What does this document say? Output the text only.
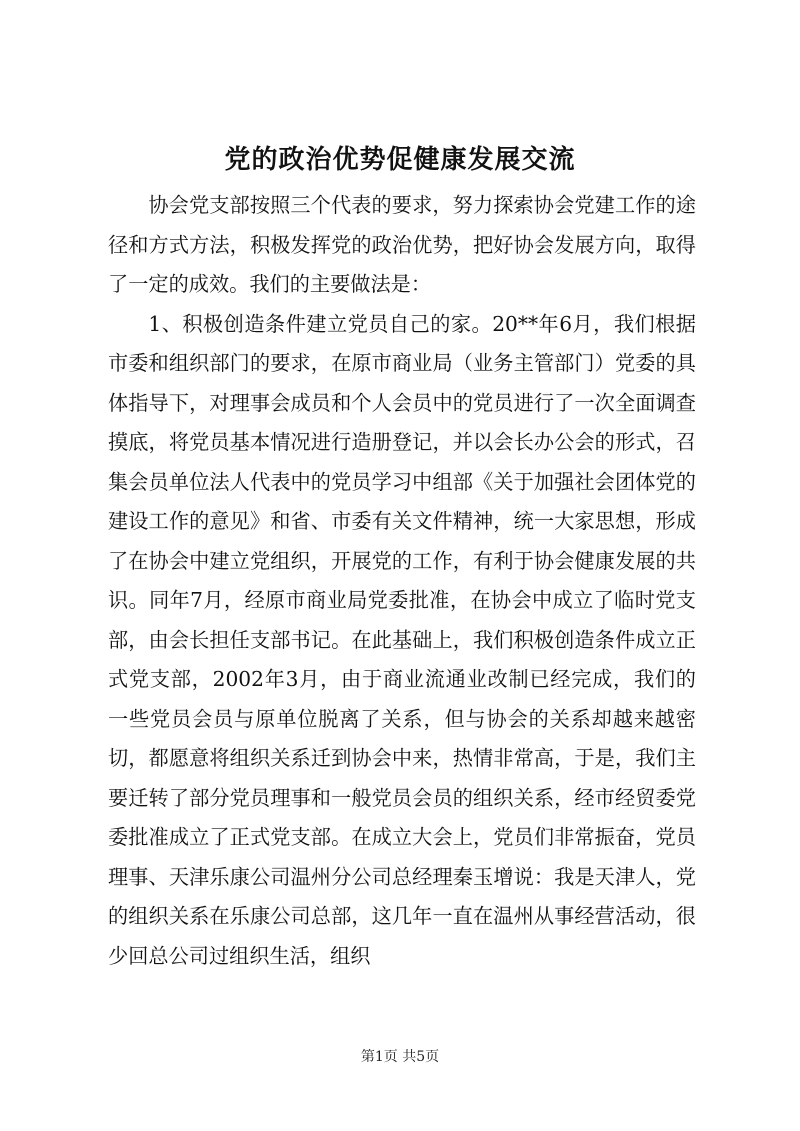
党的政治优势促健康发展交流

协会党支部按照三个代表的要求，努力探索协会党建工作的途径和方式方法，积极发挥党的政治优势，把好协会发展方向，取得了一定的成效。我们的主要做法是：

1、积极创造条件建立党员自己的家。20**年6月，我们根据市委和组织部门的要求，在原市商业局（业务主管部门）党委的具体指导下，对理事会成员和个人会员中的党员进行了一次全面调查摸底，将党员基本情况进行造册登记，并以会长办公会的形式，召集会员单位法人代表中的党员学习中组部《关于加强社会团体党的建设工作的意见》和省、市委有关文件精神，统一大家思想，形成了在协会中建立党组织，开展党的工作，有利于协会健康发展的共识。同年7月，经原市商业局党委批准，在协会中成立了临时党支部，由会长担任支部书记。在此基础上，我们积极创造条件成立正式党支部，2002年3月，由于商业流通业改制已经完成，我们的一些党员会员与原单位脱离了关系，但与协会的关系却越来越密切，都愿意将组织关系迁到协会中来，热情非常高，于是，我们主要迁转了部分党员理事和一般党员会员的组织关系，经市经贸委党委批准成立了正式党支部。在成立大会上，党员们非常振奋，党员理事、天津乐康公司温州分公司总经理秦玉增说：我是天津人，党的组织关系在乐康公司总部，这几年一直在温州从事经营活动，很少回总公司过组织生活，组织

第1页 共5页
